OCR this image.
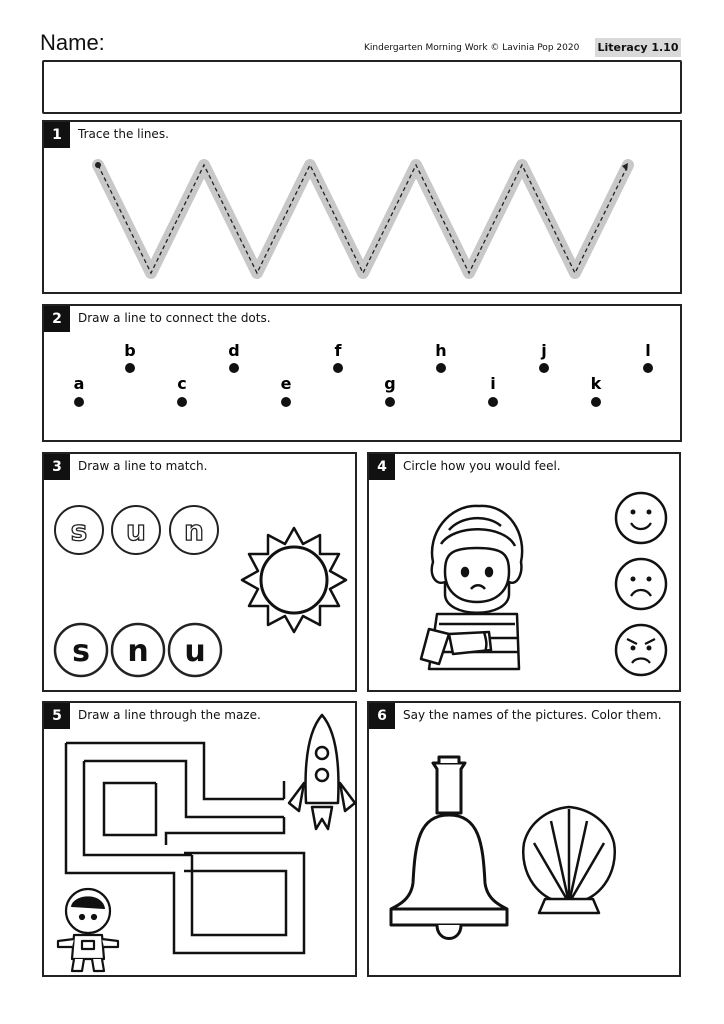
Name:	Kindergarten Morning Work © Lavinia Pop 2020 Literacy 1.10
1	Trace the lines.
2	Draw a line to connect the dots.
b	d	f	h	j	l
a	c	e	g	i	k
3	Draw a line to match.
s u n
s n u
4	Circle how you would feel.
5	Draw a line through the maze.	6	Say the names of the pictures. Color them.
